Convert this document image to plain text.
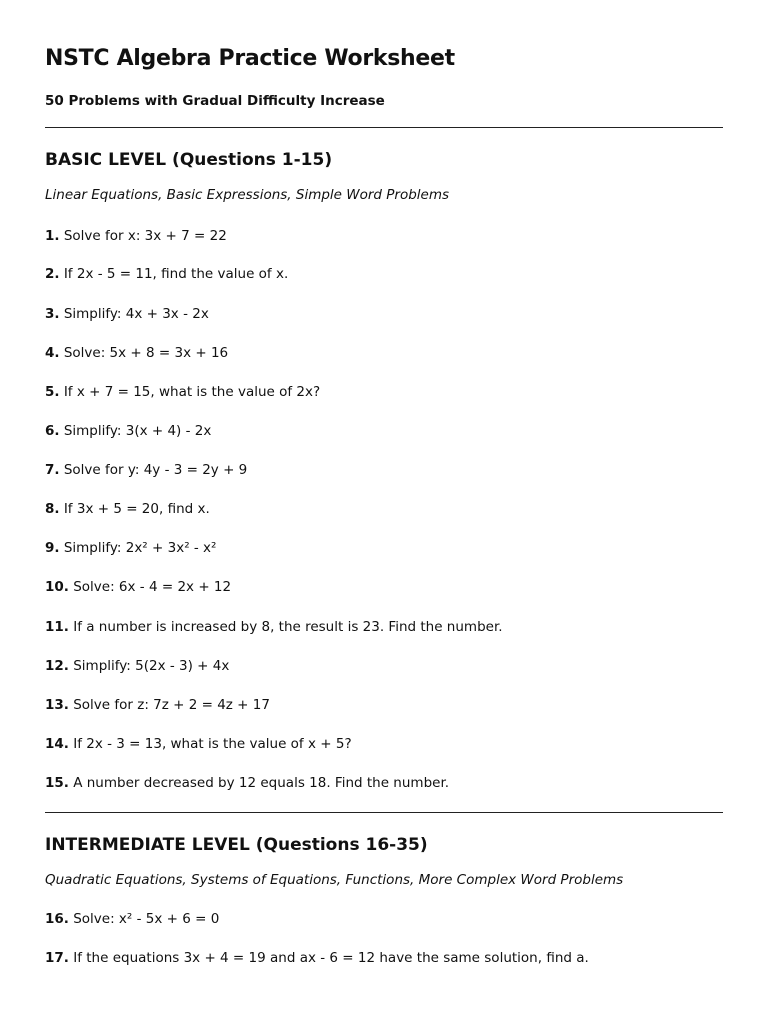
NSTC Algebra Practice Worksheet
50 Problems with Gradual Difficulty Increase
BASIC LEVEL (Questions 1-15)
Linear Equations, Basic Expressions, Simple Word Problems
1. Solve for x: 3x + 7 = 22
2. If 2x - 5 = 11, find the value of x.
3. Simplify: 4x + 3x - 2x
4. Solve: 5x + 8 = 3x + 16
5. If x + 7 = 15, what is the value of 2x?
6. Simplify: 3(x + 4) - 2x
7. Solve for y: 4y - 3 = 2y + 9
8. If 3x + 5 = 20, find x.
9. Simplify: 2x² + 3x² - x²
10. Solve: 6x - 4 = 2x + 12
11. If a number is increased by 8, the result is 23. Find the number.
12. Simplify: 5(2x - 3) + 4x
13. Solve for z: 7z + 2 = 4z + 17
14. If 2x - 3 = 13, what is the value of x + 5?
15. A number decreased by 12 equals 18. Find the number.
INTERMEDIATE LEVEL (Questions 16-35)
Quadratic Equations, Systems of Equations, Functions, More Complex Word Problems
16. Solve: x² - 5x + 6 = 0
17. If the equations 3x + 4 = 19 and ax - 6 = 12 have the same solution, find a.
